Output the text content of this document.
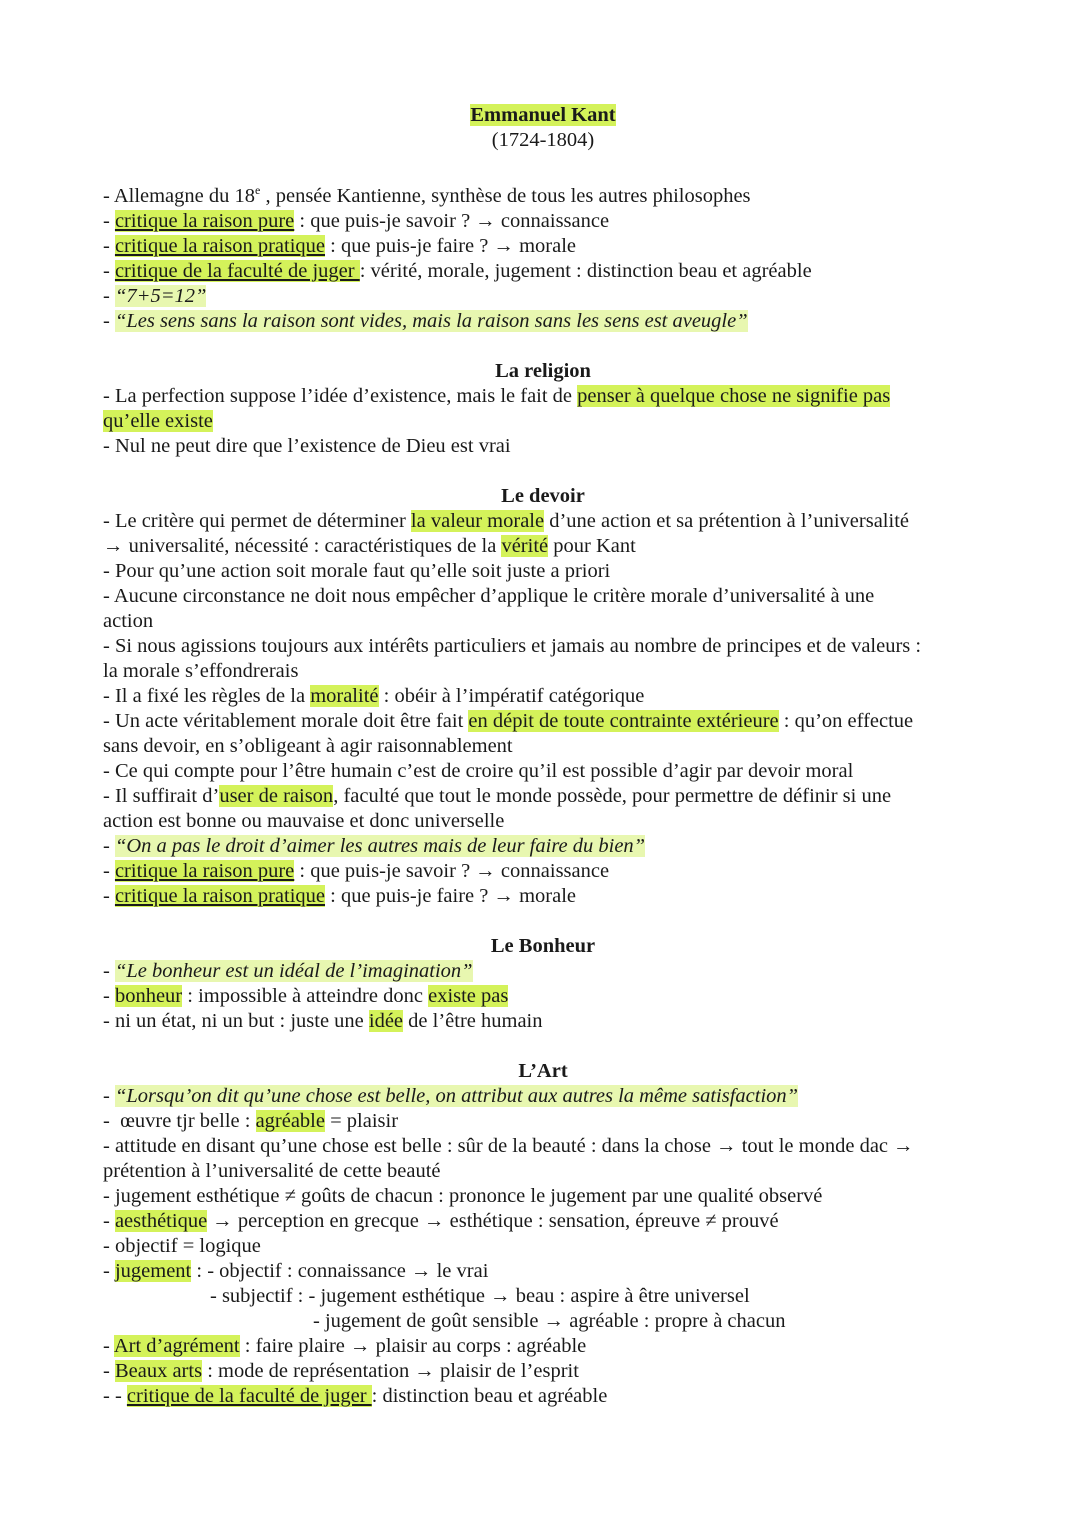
Emmanuel Kant
(1724-1804)
- Allemagne du 18e , pensée Kantienne, synthèse de tous les autres philosophes
- critique la raison pure : que puis-je savoir ? → connaissance
- critique la raison pratique : que puis-je faire ? → morale
- critique de la faculté de juger : vérité, morale, jugement : distinction beau et agréable
- “7+5=12”
- “Les sens sans la raison sont vides, mais la raison sans les sens est aveugle”
La religion
- La perfection suppose l’idée d’existence, mais le fait de penser à quelque chose ne signifie pas
qu’elle existe
- Nul ne peut dire que l’existence de Dieu est vrai
Le devoir
- Le critère qui permet de déterminer la valeur morale d’une action et sa prétention à l’universalité
→ universalité, nécessité : caractéristiques de la vérité pour Kant
- Pour qu’une action soit morale faut qu’elle soit juste a priori
- Aucune circonstance ne doit nous empêcher d’applique le critère morale d’universalité à une
action
- Si nous agissions toujours aux intérêts particuliers et jamais au nombre de principes et de valeurs :
la morale s’effondrerais
- Il a fixé les règles de la moralité : obéir à l’impératif catégorique
- Un acte véritablement morale doit être fait en dépit de toute contrainte extérieure : qu’on effectue
sans devoir, en s’obligeant à agir raisonnablement
- Ce qui compte pour l’être humain c’est de croire qu’il est possible d’agir par devoir moral
- Il suffirait d’user de raison, faculté que tout le monde possède, pour permettre de définir si une
action est bonne ou mauvaise et donc universelle
- “On a pas le droit d’aimer les autres mais de leur faire du bien”
- critique la raison pure : que puis-je savoir ? → connaissance
- critique la raison pratique : que puis-je faire ? → morale
Le Bonheur
- “Le bonheur est un idéal de l’imagination”
- bonheur : impossible à atteindre donc existe pas
- ni un état, ni un but : juste une idée de l’être humain
L’Art
- “Lorsqu’on dit qu’une chose est belle, on attribut aux autres la même satisfaction”
-  œuvre tjr belle : agréable = plaisir
- attitude en disant qu’une chose est belle : sûr de la beauté : dans la chose → tout le monde dac →
prétention à l’universalité de cette beauté
- jugement esthétique ≠ goûts de chacun : prononce le jugement par une qualité observé
- aesthétique → perception en grecque → esthétique : sensation, épreuve ≠ prouvé
- objectif = logique
- jugement : - objectif : connaissance → le vrai
- subjectif : - jugement esthétique → beau : aspire à être universel
- jugement de goût sensible → agréable : propre à chacun
- Art d’agrément : faire plaire → plaisir au corps : agréable
- Beaux arts : mode de représentation → plaisir de l’esprit
- - critique de la faculté de juger : distinction beau et agréable
